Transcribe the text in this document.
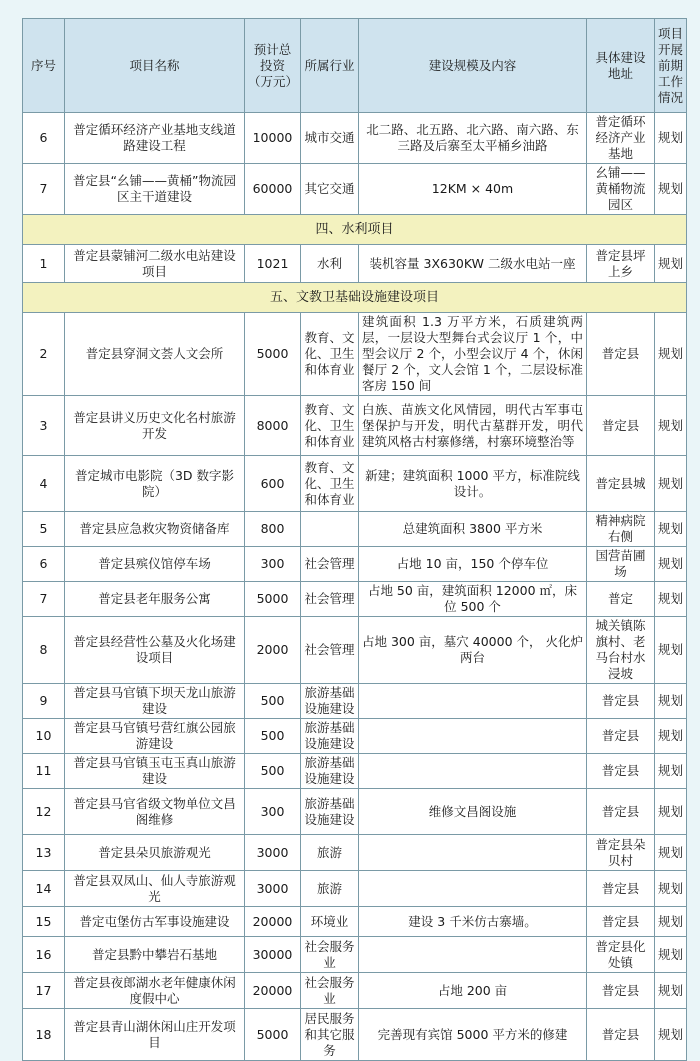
序号	项目名称	预计总投资（万元）	所属行业	建设规模及内容	具体建设地址	项目开展前期工作情况
6	普定循环经济产业基地支线道路建设工程	10000	城市交通	北二路、北五路、北六路、南六路、东三路及后寨至太平桶乡油路	普定循环经济产业基地	规划
7	普定县“幺铺——黄桶”物流园区主干道建设	60000	其它交通	12KM × 40m	幺铺——黄桶物流园区	规划
四、水利项目						
1	普定县蒙铺河二级水电站建设项目	1021	水利	装机容量 3X630KW 二级水电站一座	普定县坪上乡	规划
五、文教卫基础设施建设项目						
2	普定县穿洞文荟人文会所	5000	教育、文化、卫生和体育业	建筑面积 1.3 万平方米，石质建筑两层，一层设大型舞台式会议厅 1 个，中型会议厅 2 个，小型会议厅 4 个，休闲餐厅 2 个，文人会馆 1 个，二层设标准客房 150 间	普定县	规划
3	普定县讲义历史文化名村旅游开发	8000	教育、文化、卫生和体育业	白族、苗族文化风情园，明代古军事屯堡保护与开发，明代古墓群开发，明代建筑风格古村寨修缮，村寨环境整治等	普定县	规划
4	普定城市电影院（3D 数字影院）	600	教育、文化、卫生和体育业	新建；建筑面积 1000 平方，标准院线设计。	普定县城	规划
5	普定县应急救灾物资储备库	800		总建筑面积 3800 平方米	精神病院右侧	规划
6	普定县殡仪馆停车场	300	社会管理	占地 10 亩，150 个停车位	国营苗圃场	规划
7	普定县老年服务公寓	5000	社会管理	占地 50 亩，建筑面积 12000 ㎡，床位 500 个	普定	规划
8	普定县经营性公墓及火化场建设项目	2000	社会管理	占地 300 亩，墓穴 40000 个， 火化炉两台	城关镇陈旗村、老马台村水浸坡	规划
9	普定县马官镇下坝天龙山旅游建设	500	旅游基础设施建设		普定县	规划
10	普定县马官镇号营红旗公园旅游建设	500	旅游基础设施建设		普定县	规划
11	普定县马官镇玉屯玉真山旅游建设	500	旅游基础设施建设		普定县	规划
12	普定县马官省级文物单位文昌阁维修	300	旅游基础设施建设	维修文昌阁设施	普定县	规划
13	普定县朵贝旅游观光	3000	旅游		普定县朵贝村	规划
14	普定县双凤山、仙人寺旅游观光	3000	旅游		普定县	规划
15	普定屯堡仿古军事设施建设	20000	环境业	建设 3 千米仿古寨墙。	普定县	规划
16	普定县黔中攀岩石基地	30000	社会服务业		普定县化处镇	规划
17	普定县夜郎湖水老年健康休闲度假中心	20000	社会服务业	占地 200 亩	普定县	规划
18	普定县青山湖休闲山庄开发项目	5000	居民服务和其它服务	完善现有宾馆 5000 平方米的修建	普定县	规划
